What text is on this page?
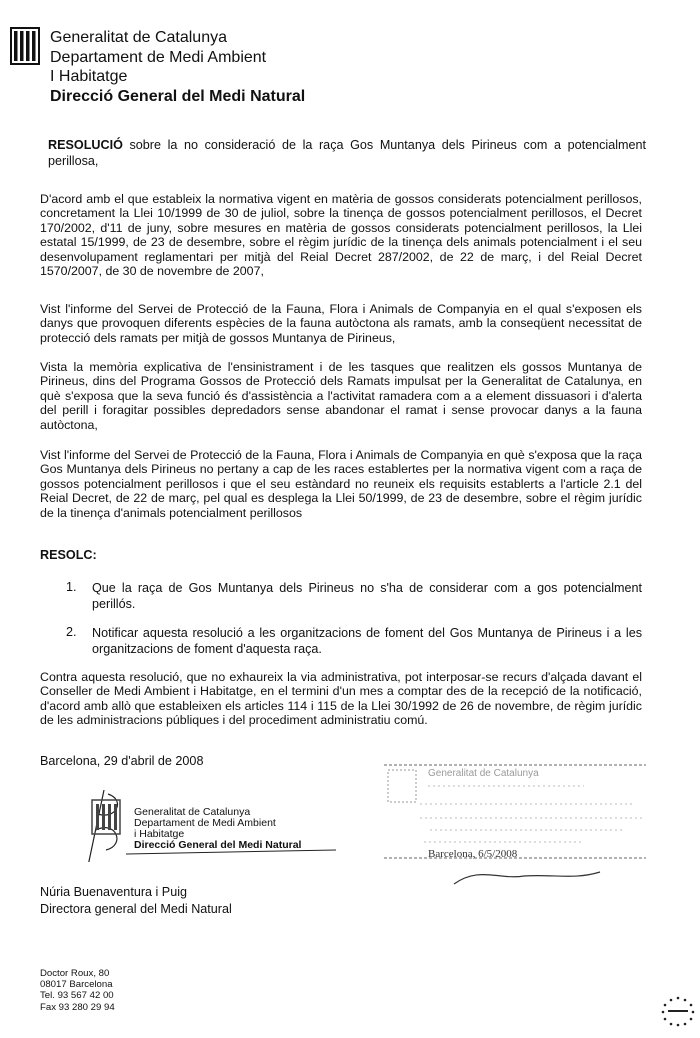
Generalitat de Catalunya
Departament de Medi Ambient
I Habitatge
Direcció General del Medi Natural
RESOLUCIÓ sobre la no consideració de la raça Gos Muntanya dels Pirineus com a potencialment perillosa,
D'acord amb el que estableix la normativa vigent en matèria de gossos considerats potencialment perillosos, concretament la Llei 10/1999 de 30 de juliol, sobre la tinença de gossos potencialment perillosos, el Decret 170/2002, d'11 de juny, sobre mesures en matèria de gossos considerats potencialment perillosos, la Llei estatal 15/1999, de 23 de desembre, sobre el règim jurídic de la tinença dels animals potencialment i el seu desenvolupament reglamentari per mitjà del Reial Decret 287/2002, de 22 de març, i del Reial Decret 1570/2007, de 30 de novembre de 2007,
Vist l'informe del Servei de Protecció de la Fauna, Flora i Animals de Companyia en el qual s'exposen els danys que provoquen diferents espècies de la fauna autòctona als ramats, amb la conseqüent necessitat de protecció dels ramats per mitjà de gossos Muntanya de Pirineus,
Vista la memòria explicativa de l'ensinistrament i de les tasques que realitzen els gossos Muntanya de Pirineus, dins del Programa Gossos de Protecció dels Ramats impulsat per la Generalitat de Catalunya, en què s'exposa que la seva funció és d'assistència a l'activitat ramadera com a a element dissuasori i d'alerta del perill i foragitar possibles depredadors sense abandonar el ramat i sense provocar danys a la fauna autòctona,
Vist l'informe del Servei de Protecció de la Fauna, Flora i Animals de Companyia en què s'exposa que la raça Gos Muntanya dels Pirineus no pertany a cap de les races establertes per la normativa vigent com a raça de gossos potencialment perillosos i que el seu estàndard no reuneix els requisits establerts a l'article 2.1 del Reial Decret, de 22 de març, pel qual es desplega la Llei 50/1999, de 23 de desembre, sobre el règim jurídic de la tinença d'animals potencialment perillosos
RESOLC:
1. Que la raça de Gos Muntanya dels Pirineus no s'ha de considerar com a gos potencialment perillós.
2. Notificar aquesta resolució a les organitzacions de foment del Gos Muntanya de Pirineus i a les organitzacions de foment d'aquesta raça.
Contra aquesta resolució, que no exhaureix la via administrativa, pot interposar-se recurs d'alçada davant el Conseller de Medi Ambient i Habitatge, en el termini d'un mes a comptar des de la recepció de la notificació, d'acord amb allò que estableixen els articles 114 i 115 de la Llei 30/1992 de 26 de novembre, de règim jurídic de les administracions públiques i del procediment administratiu comú.
Barcelona, 29 d'abril de 2008
Generalitat de Catalunya
Departament de Medi Ambient
i Habitatge
Direcció General del Medi Natural
Generalitat de Catalunya
Barcelona, 6/5/2008
Núria Buenaventura i Puig
Directora general del Medi Natural
Doctor Roux, 80
08017 Barcelona
Tel. 93 567 42 00
Fax 93 280 29 94
